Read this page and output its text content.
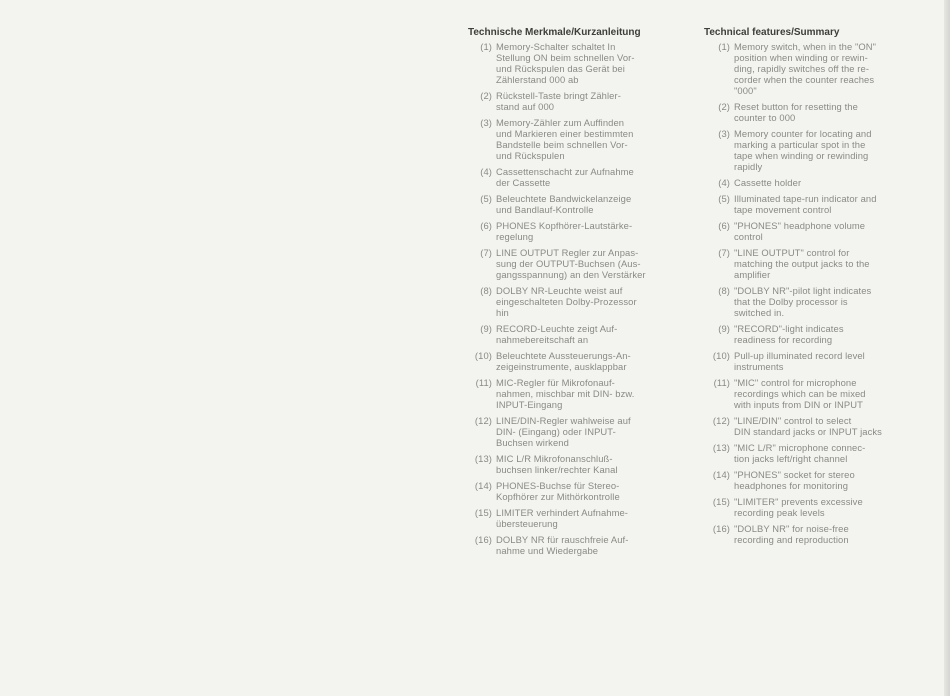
Technische Merkmale/Kurzanleitung
(1) Memory-Schalter schaltet In
Stellung ON beim schnellen Vor-
und Rückspulen das Gerät bei
Zählerstand 000 ab
(2) Rückstell-Taste bringt Zähler-
stand auf 000
(3) Memory-Zähler zum Auffinden
und Markieren einer bestimmten
Bandstelle beim schnellen Vor-
und Rückspulen
(4) Cassettenschacht zur Aufnahme
der Cassette
(5) Beleuchtete Bandwickelanzeige
und Bandlauf-Kontrolle
(6) PHONES Kopfhörer-Lautstärke-
regelung
(7) LINE OUTPUT Regler zur Anpas-
sung der OUTPUT-Buchsen (Aus-
gangsspannung) an den Verstärker
(8) DOLBY NR-Leuchte weist auf
eingeschalteten Dolby-Prozessor
hin
(9) RECORD-Leuchte zeigt Auf-
nahmebereitschaft an
(10) Beleuchtete Aussteuerungs-An-
zeigeinstrumente, ausklappbar
(11) MIC-Regler für Mikrofonauf-
nahmen, mischbar mit DIN- bzw.
INPUT-Eingang
(12) LINE/DIN-Regler wahlweise auf
DIN- (Eingang) oder INPUT-
Buchsen wirkend
(13) MIC L/R Mikrofonanschluß-
buchsen linker/rechter Kanal
(14) PHONES-Buchse für Stereo-
Kopfhörer zur Mithörkontrolle
(15) LIMITER verhindert Aufnahme-
übersteuerung
(16) DOLBY NR für rauschfreie Auf-
nahme und Wiedergabe
Technical features/Summary
(1) Memory switch, when in the "ON"
position when winding or rewin-
ding, rapidly switches off the re-
corder when the counter reaches
"000"
(2) Reset button for resetting the
counter to 000
(3) Memory counter for locating and
marking a particular spot in the
tape when winding or rewinding
rapidly
(4) Cassette holder
(5) Illuminated tape-run indicator and
tape movement control
(6) "PHONES" headphone volume
control
(7) "LINE OUTPUT" control for
matching the output jacks to the
amplifier
(8) "DOLBY NR"-pilot light indicates
that the Dolby processor is
switched in.
(9) "RECORD"-light indicates
readiness for recording
(10) Pull-up illuminated record level
instruments
(11) "MIC" control for microphone
recordings which can be mixed
with inputs from DIN or INPUT
(12) "LINE/DIN" control to select
DIN standard jacks or INPUT jacks
(13) "MIC L/R" microphone connec-
tion jacks left/right channel
(14) "PHONES" socket for stereo
headphones for monitoring
(15) "LIMITER" prevents excessive
recording peak levels
(16) "DOLBY NR" for noise-free
recording and reproduction
